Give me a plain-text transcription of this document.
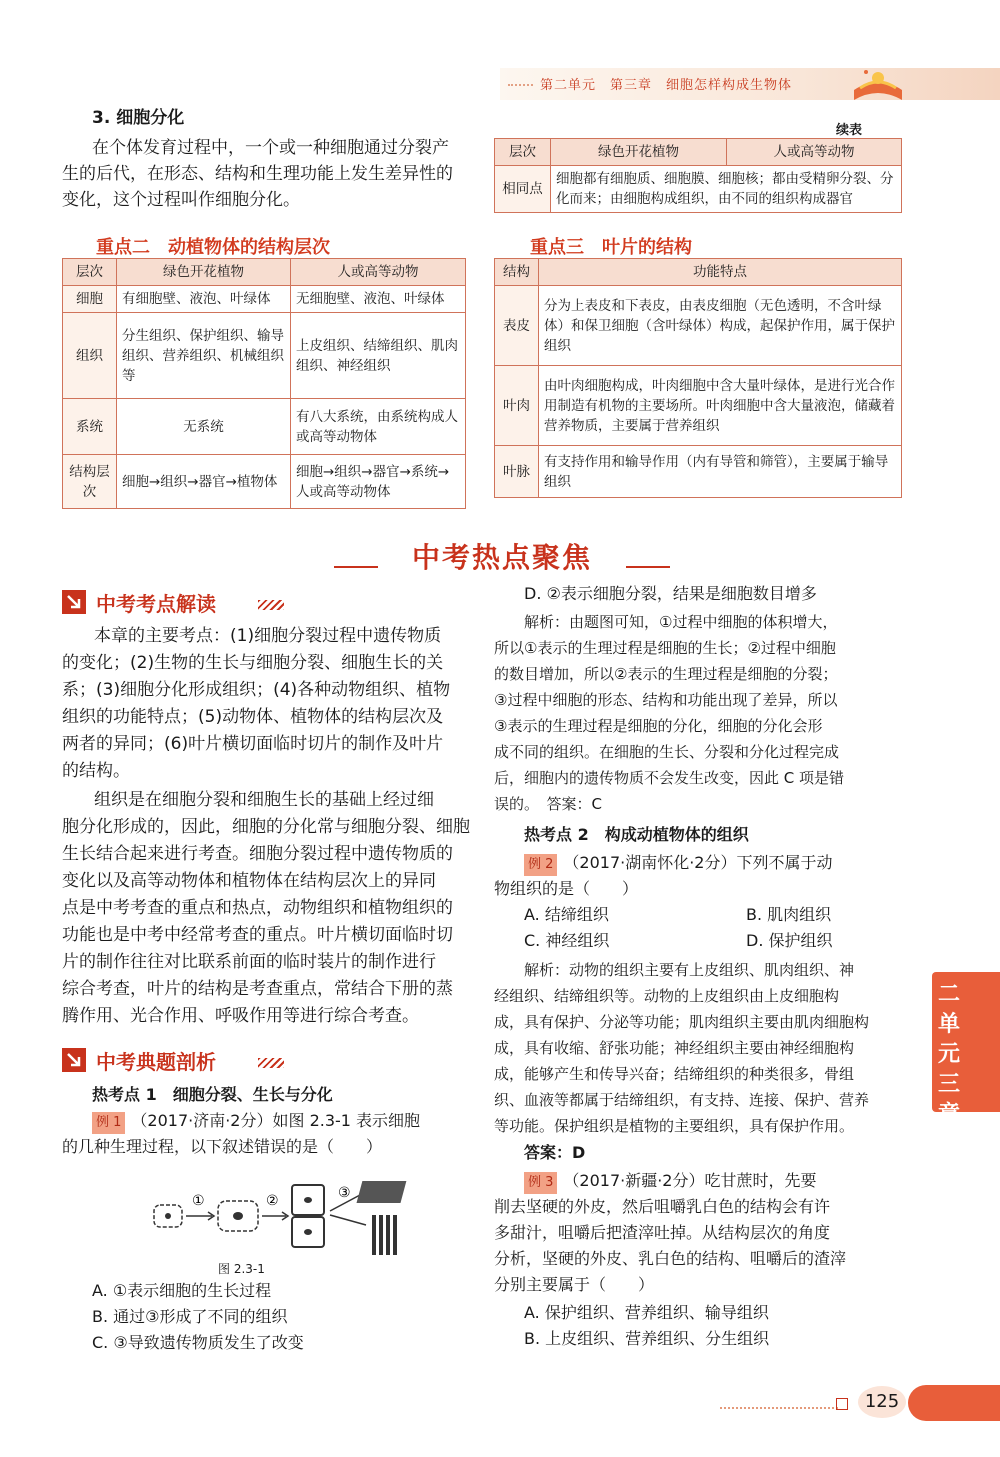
第二单元　第三章　细胞怎样构成生物体
3. 细胞分化
在个体发育过程中，一个或一种细胞通过分裂产
生的后代，在形态、结构和生理功能上发生差异性的
变化，这个过程叫作细胞分化。
重点二　动植物体的结构层次
层次	绿色开花植物	人或高等动物
细胞	有细胞壁、液泡、叶绿体	无细胞壁、液泡、叶绿体
组织	分生组织、保护组织、输导组织、营养组织、机械组织等	上皮组织、结缔组织、肌肉组织、神经组织
系统	无系统	有八大系统，由系统构成人或高等动物体
结构层次	细胞→组织→器官→植物体	细胞→组织→器官→系统→人或高等动物体
续表
层次	绿色开花植物	人或高等动物
相同点	细胞都有细胞质、细胞膜、细胞核；都由受精卵分裂、分化而来；由细胞构成组织，由不同的组织构成器官	
重点三　叶片的结构
结构	功能特点
表皮	分为上表皮和下表皮，由表皮细胞（无色透明，不含叶绿体）和保卫细胞（含叶绿体）构成，起保护作用，属于保护组织
叶肉	由叶肉细胞构成，叶肉细胞中含大量叶绿体，是进行光合作用制造有机物的主要场所。叶肉细胞中含大量液泡，储藏着营养物质，主要属于营养组织
叶脉	有支持作用和输导作用（内有导管和筛管），主要属于输导组织
中考热点聚焦
中考考点解读
本章的主要考点：(1)细胞分裂过程中遗传物质
的变化；(2)生物的生长与细胞分裂、细胞生长的关
系；(3)细胞分化形成组织；(4)各种动物组织、植物
组织的功能特点；(5)动物体、植物体的结构层次及
两者的异同；(6)叶片横切面临时切片的制作及叶片
的结构。
组织是在细胞分裂和细胞生长的基础上经过细
胞分化形成的，因此，细胞的分化常与细胞分裂、细胞
生长结合起来进行考查。细胞分裂过程中遗传物质的
变化以及高等动物体和植物体在结构层次上的异同
点是中考考查的重点和热点，动物组织和植物组织的
功能也是中考中经常考查的重点。叶片横切面临时切
片的制作往往对比联系前面的临时装片的制作进行
综合考查，叶片的结构是考查重点，常结合下册的蒸
腾作用、光合作用、呼吸作用等进行综合考查。
中考典题剖析
热考点 1　细胞分裂、生长与分化
例 1 （2017·济南·2分）如图 2.3-1 表示细胞
的几种生理过程，以下叙述错误的是（　　）
①	②	③
图 2.3-1
A. ①表示细胞的生长过程
B. 通过③形成了不同的组织
C. ③导致遗传物质发生了改变
D. ②表示细胞分裂，结果是细胞数目增多
解析：由题图可知，①过程中细胞的体积增大，
所以①表示的生理过程是细胞的生长；②过程中细胞
的数目增加，所以②表示的生理过程是细胞的分裂；
③过程中细胞的形态、结构和功能出现了差异，所以
③表示的生理过程是细胞的分化，细胞的分化会形
成不同的组织。在细胞的生长、分裂和分化过程完成
后，细胞内的遗传物质不会发生改变，因此 C 项是错
误的。　答案：C
热考点 2　构成动植物体的组织
例 2 （2017·湖南怀化·2分）下列不属于动
物组织的是（　　）
A. 结缔组织	B. 肌肉组织
C. 神经组织	D. 保护组织
解析：动物的组织主要有上皮组织、肌肉组织、神
经组织、结缔组织等。动物的上皮组织由上皮细胞构
成，具有保护、分泌等功能；肌肉组织主要由肌肉细胞构
成，具有收缩、舒张功能；神经组织主要由神经细胞构
成，能够产生和传导兴奋；结缔组织的种类很多，骨组
织、血液等都属于结缔组织，有支持、连接、保护、营养
等功能。保护组织是植物的主要组织，具有保护作用。
答案：D
例 3 （2017·新疆·2分）吃甘蔗时，先要
削去坚硬的外皮，然后咀嚼乳白色的结构会有许
多甜汁，咀嚼后把渣滓吐掉。从结构层次的角度
分析，坚硬的外皮、乳白色的结构、咀嚼后的渣滓
分别主要属于（　　）
A. 保护组织、营养组织、输导组织
B. 上皮组织、营养组织、分生组织
二单元三章
125
